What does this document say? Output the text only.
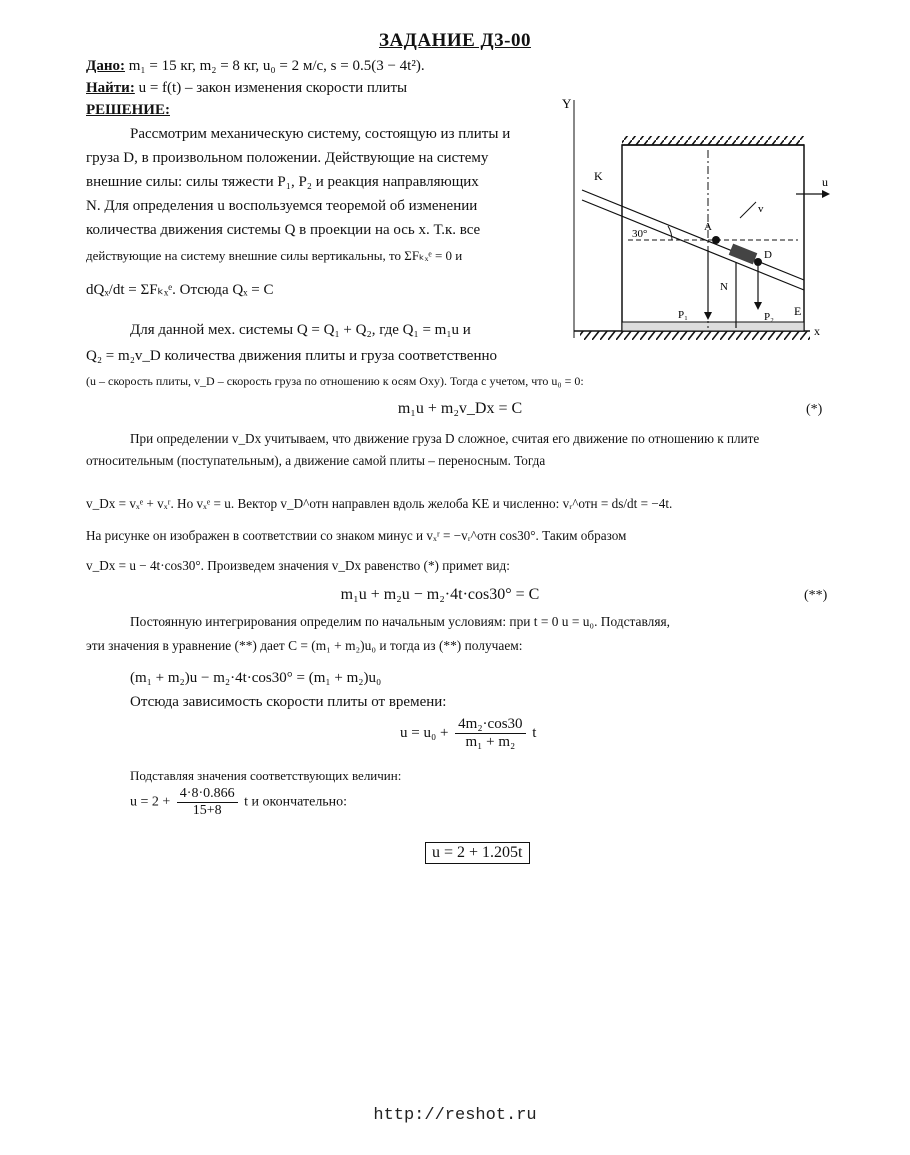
ЗАДАНИЕ Д3-00
Дано: m₁ = 15 кг, m₂ = 8 кг, u₀ = 2 м/с, s = 0.5(3 − 4t²).
Найти: u = f(t) – закон изменения скорости плиты
РЕШЕНИЕ:
Рассмотрим механическую систему, состоящую из плиты и
груза D, в произвольном положении. Действующие на систему
внешние силы: силы тяжести P₁, P₂ и реакция направляющих
N. Для определения u воспользуемся теоремой об изменении
количества движения системы Q в проекции на ось x. Т.к. все
действующие на систему внешние силы вертикальны, то ΣFₖₓᵉ = 0 и
dQₓ/dt = ΣFₖₓᵉ. Отсюда Qₓ = C
Для данной мех. системы Q = Q₁ + Q₂, где Q₁ = m₁u и
Q₂ = m₂v_D количества движения плиты и груза соответственно
(u – скорость плиты, v_D – скорость груза по отношению к осям Oxy). Тогда с учетом, что u₀ = 0:
m₁u + m₂v_Dx = C	(*)
При определении v_Dx учитываем, что движение груза D сложное, считая его движение по отношению к плите относительным (поступательным), а движение самой плиты – переносным. Тогда
v_Dx = vₓᵉ + vₓʳ. Но vₓᵉ = u. Вектор v_D^отн направлен вдоль желоба KE и численно: vᵣ^отн = ds/dt = −4t.
На рисунке он изображен в соответствии со знаком минус и vₓʳ = −vᵣ^отн cos30°. Таким образом
v_Dx = u − 4t·cos30°. Произведем значения v_Dx равенство (*) примет вид:
m₁u + m₂u − m₂·4t·cos30° = C	(**)
Постоянную интегрирования определим по начальным условиям: при t = 0 u = u₀. Подставляя,
эти значения в уравнение (**) дает C = (m₁ + m₂)u₀ и тогда из (**) получаем:
(m₁ + m₂)u − m₂·4t·cos30° = (m₁ + m₂)u₀
Отсюда зависимость скорости плиты от времени:
$u = u_0 + \frac{\text{4m₂·cos30}}{\text{m₁ + m₂}}$ t
Подставляя значения соответствующих величин:
$u = 2 + \frac{4\cdot 8\cdot 0.866}{15+8}$ t и окончательно:
u = 2 + 1.205t
http://reshot.ru
Y
x
K
E
30°
u
v
A
D
N
P₁	P₂
